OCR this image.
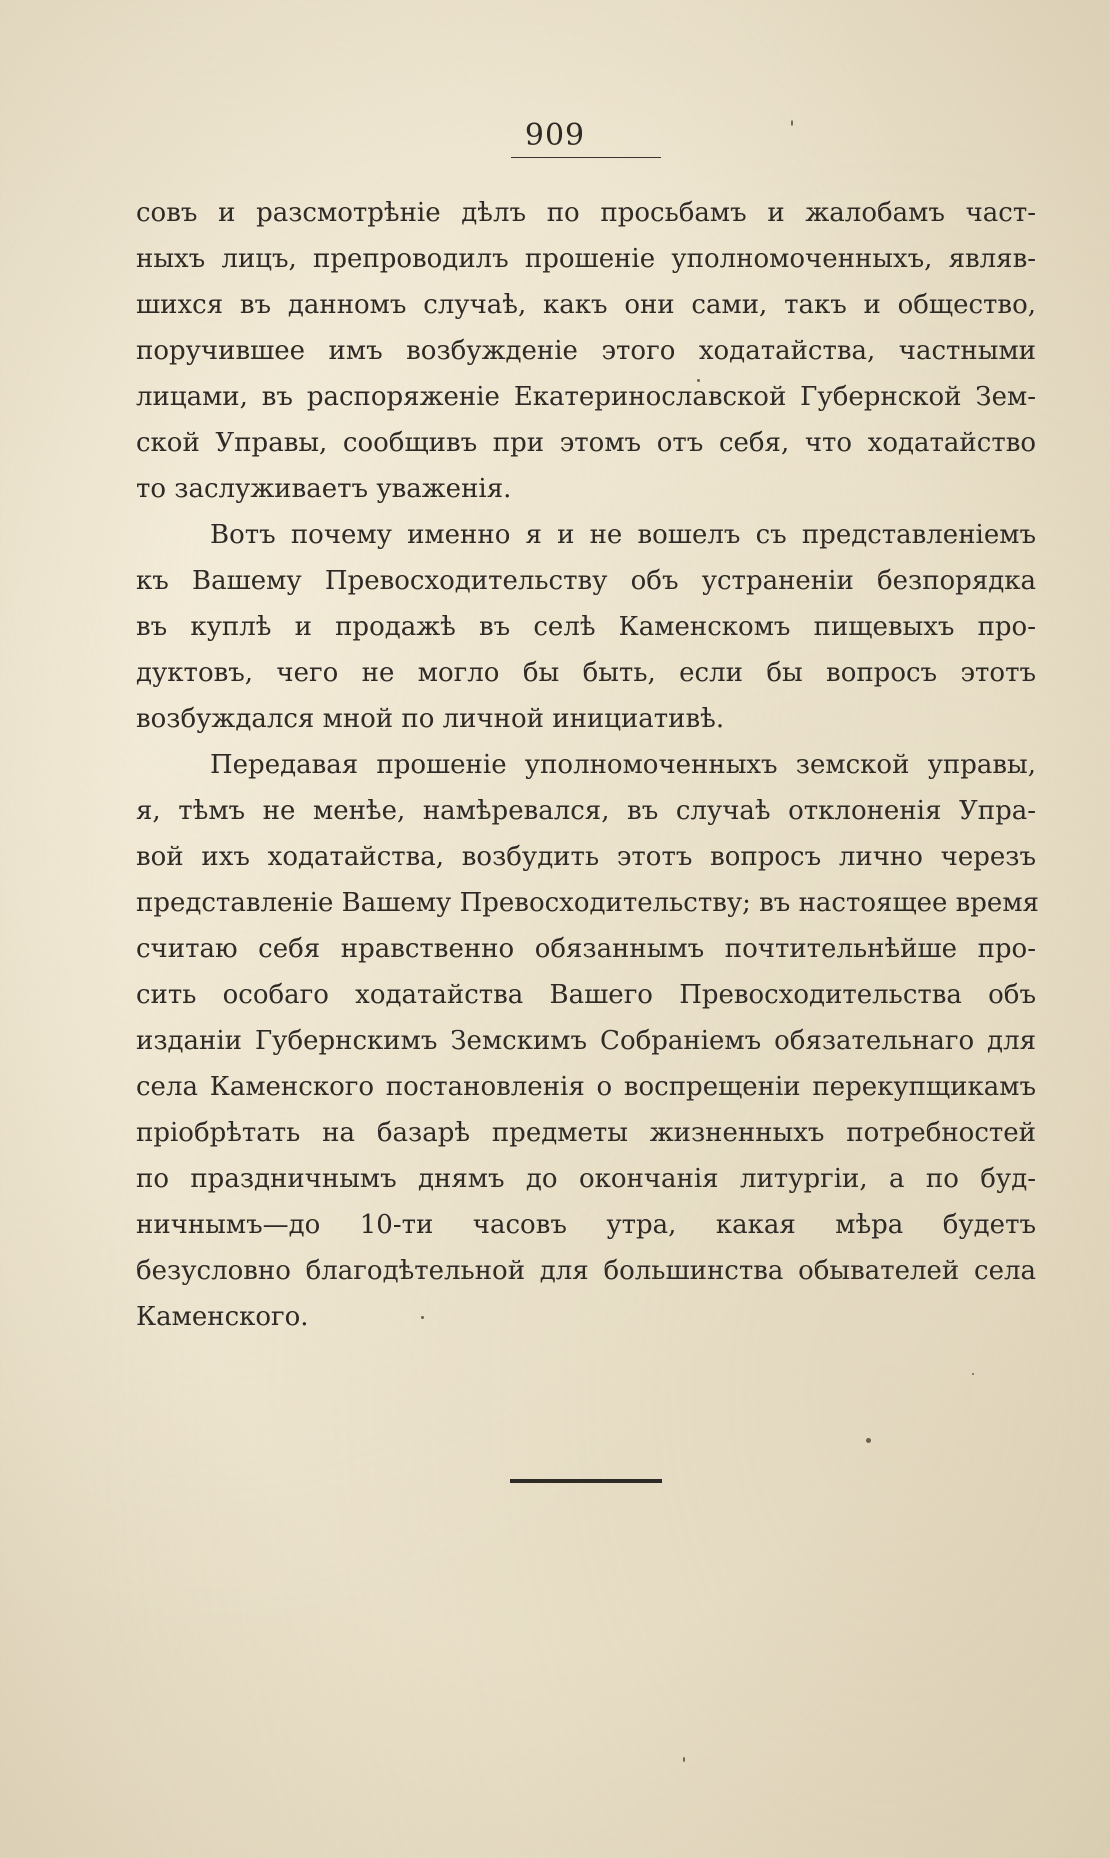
909
совъ и разсмотрѣніе дѣлъ по просьбамъ и жалобамъ част-
ныхъ лицъ, препроводилъ прошеніе уполномоченныхъ, являв-
шихся въ данномъ случаѣ, какъ они сами, такъ и общество,
поручившее имъ возбужденіе этого ходатайства, частными
лицами, въ распоряженіе Екатеринославской Губернской Зем-
ской Управы, сообщивъ при этомъ отъ себя, что ходатайство
то заслуживаетъ уваженія.
Вотъ почему именно я и не вошелъ съ представленіемъ
къ Вашему Превосходительству объ устраненіи безпорядка
въ куплѣ и продажѣ въ селѣ Каменскомъ пищевыхъ про-
дуктовъ, чего не могло бы быть, если бы вопросъ этотъ
возбуждался мной по личной инициативѣ.
Передавая прошеніе уполномоченныхъ земской управы,
я, тѣмъ не менѣе, намѣревался, въ случаѣ отклоненія Упра-
вой ихъ ходатайства, возбудить этотъ вопросъ лично черезъ
представленіе Вашему Превосходительству; въ настоящее время
считаю себя нравственно обязаннымъ почтительнѣйше про-
сить особаго ходатайства Вашего Превосходительства объ
изданіи Губернскимъ Земскимъ Собраніемъ обязательнаго для
села Каменского постановленія о воспрещеніи перекупщикамъ
пріобрѣтать на базарѣ предметы жизненныхъ потребностей
по праздничнымъ днямъ до окончанія литургіи, а по буд-
ничнымъ—до 10-ти часовъ утра, какая мѣра будетъ
безусловно благодѣтельной для большинства обывателей села
Каменского.
